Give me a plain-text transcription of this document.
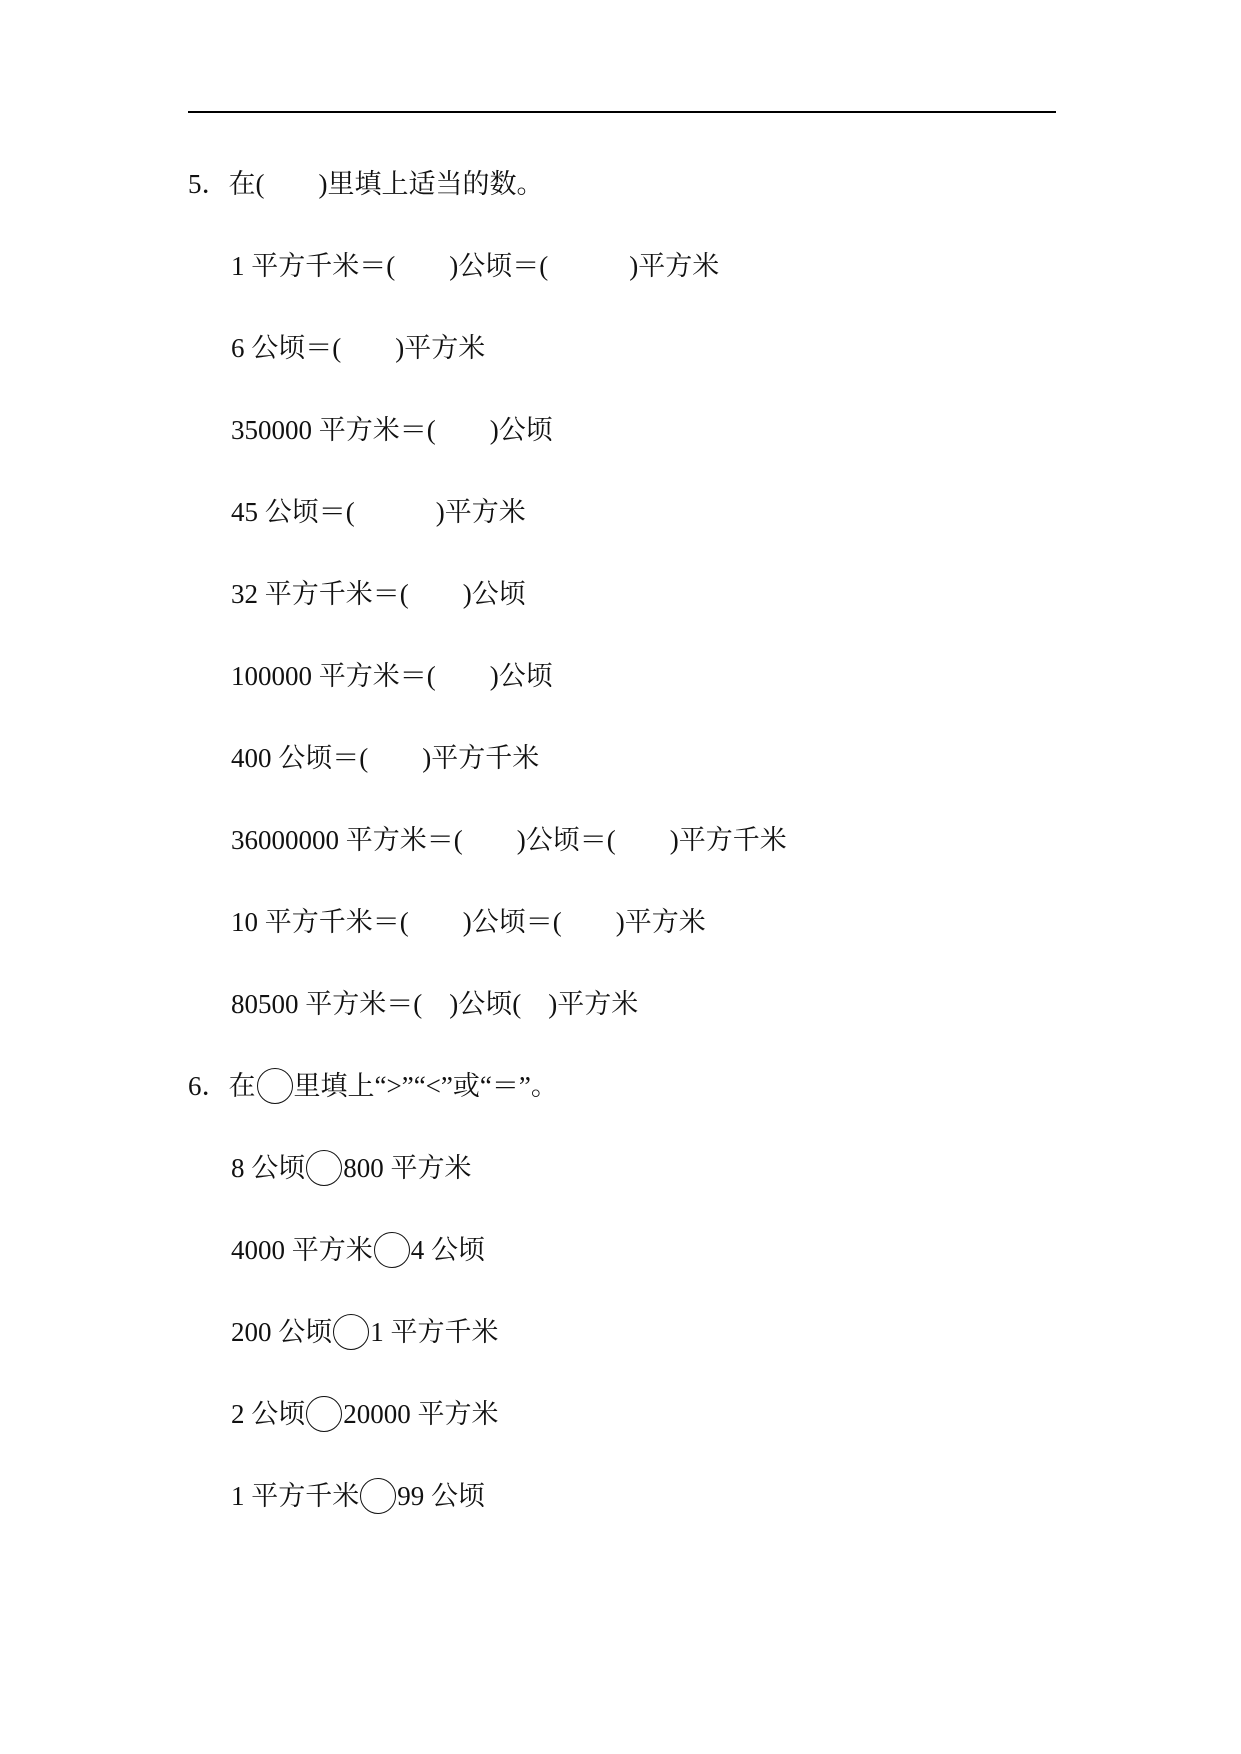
5．在(　　)里填上适当的数。
1 平方千米＝(　　)公顷＝(　　　)平方米
6 公顷＝(　　)平方米
350000 平方米＝(　　)公顷
45 公顷＝(　　　)平方米
32 平方千米＝(　　)公顷
100000 平方米＝(　　)公顷
400 公顷＝(　　)平方千米
36000000 平方米＝(　　)公顷＝(　　)平方千米
10 平方千米＝(　　)公顷＝(　　)平方米
80500 平方米＝(　)公顷(　)平方米
6．在 里填上“>”“<”或“＝”。
8 公顷 800 平方米
4000 平方米 4 公顷
200 公顷 1 平方千米
2 公顷 20000 平方米
1 平方千米 99 公顷
